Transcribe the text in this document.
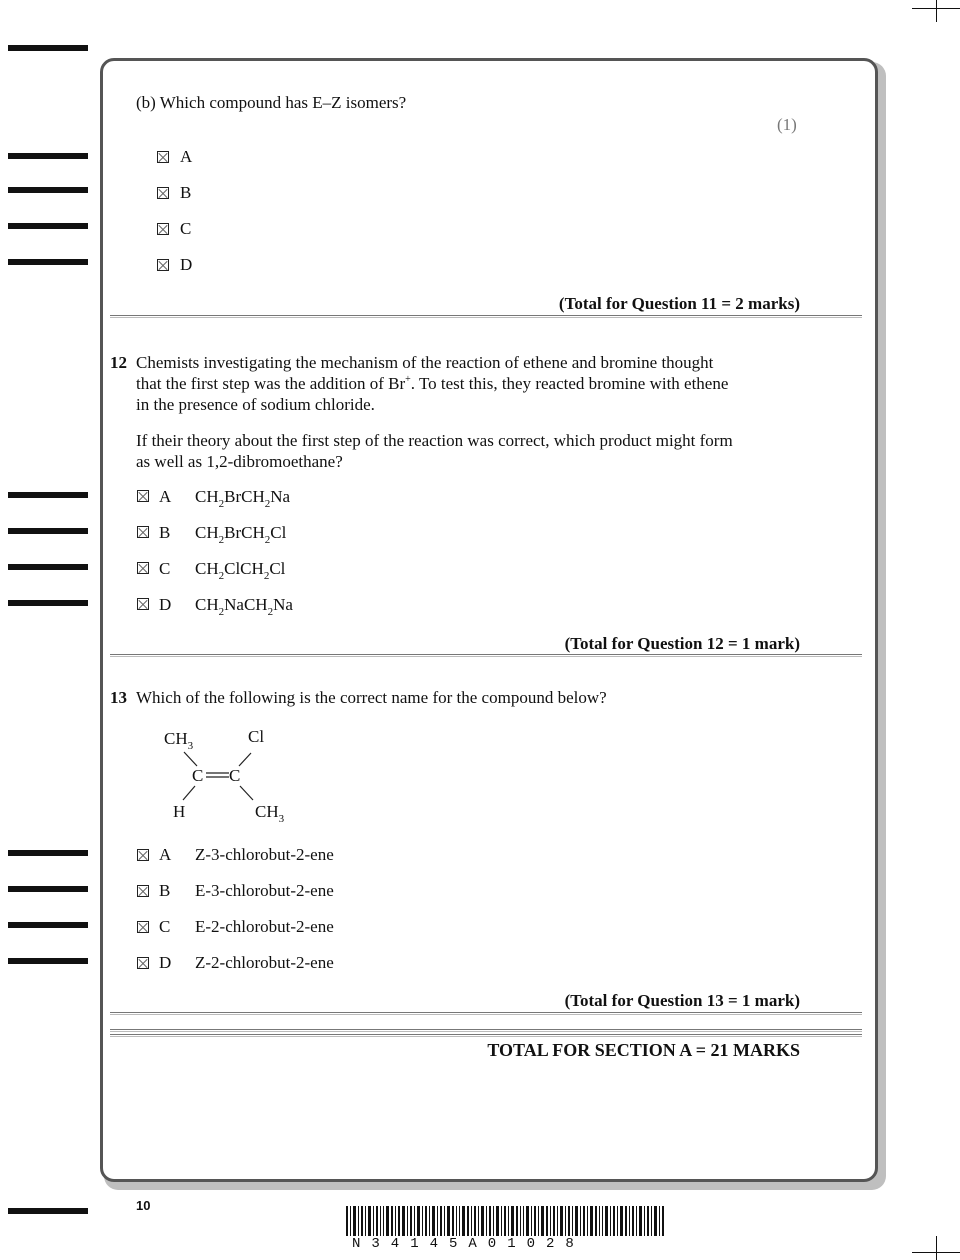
(b) Which compound has E–Z isomers?
(1)
A
B
C
D
(Total for Question 11 = 2 marks)
12 Chemists investigating the mechanism of the reaction of ethene and bromine thought
that the first step was the addition of Br+. To test this, they reacted bromine with ethene
in the presence of sodium chloride.
If their theory about the first step of the reaction was correct, which product might form
as well as 1,2-dibromoethane?
A $CH_2BrCH_2Na$
B $CH_2BrCH_2Cl$
C $CH_2ClCH_2Cl$
D $CH_2NaCH_2Na$
(Total for Question 12 = 1 mark)
13 Which of the following is the correct name for the compound below?
$CH_3$	Cl
C C
H	$CH_3$
A Z-3-chlorobut-2-ene
B E-3-chlorobut-2-ene
C E-2-chlorobut-2-ene
D Z-2-chlorobut-2-ene
(Total for Question 13 = 1 mark)
TOTAL FOR SECTION A = 21 MARKS
10
N34145A01028
